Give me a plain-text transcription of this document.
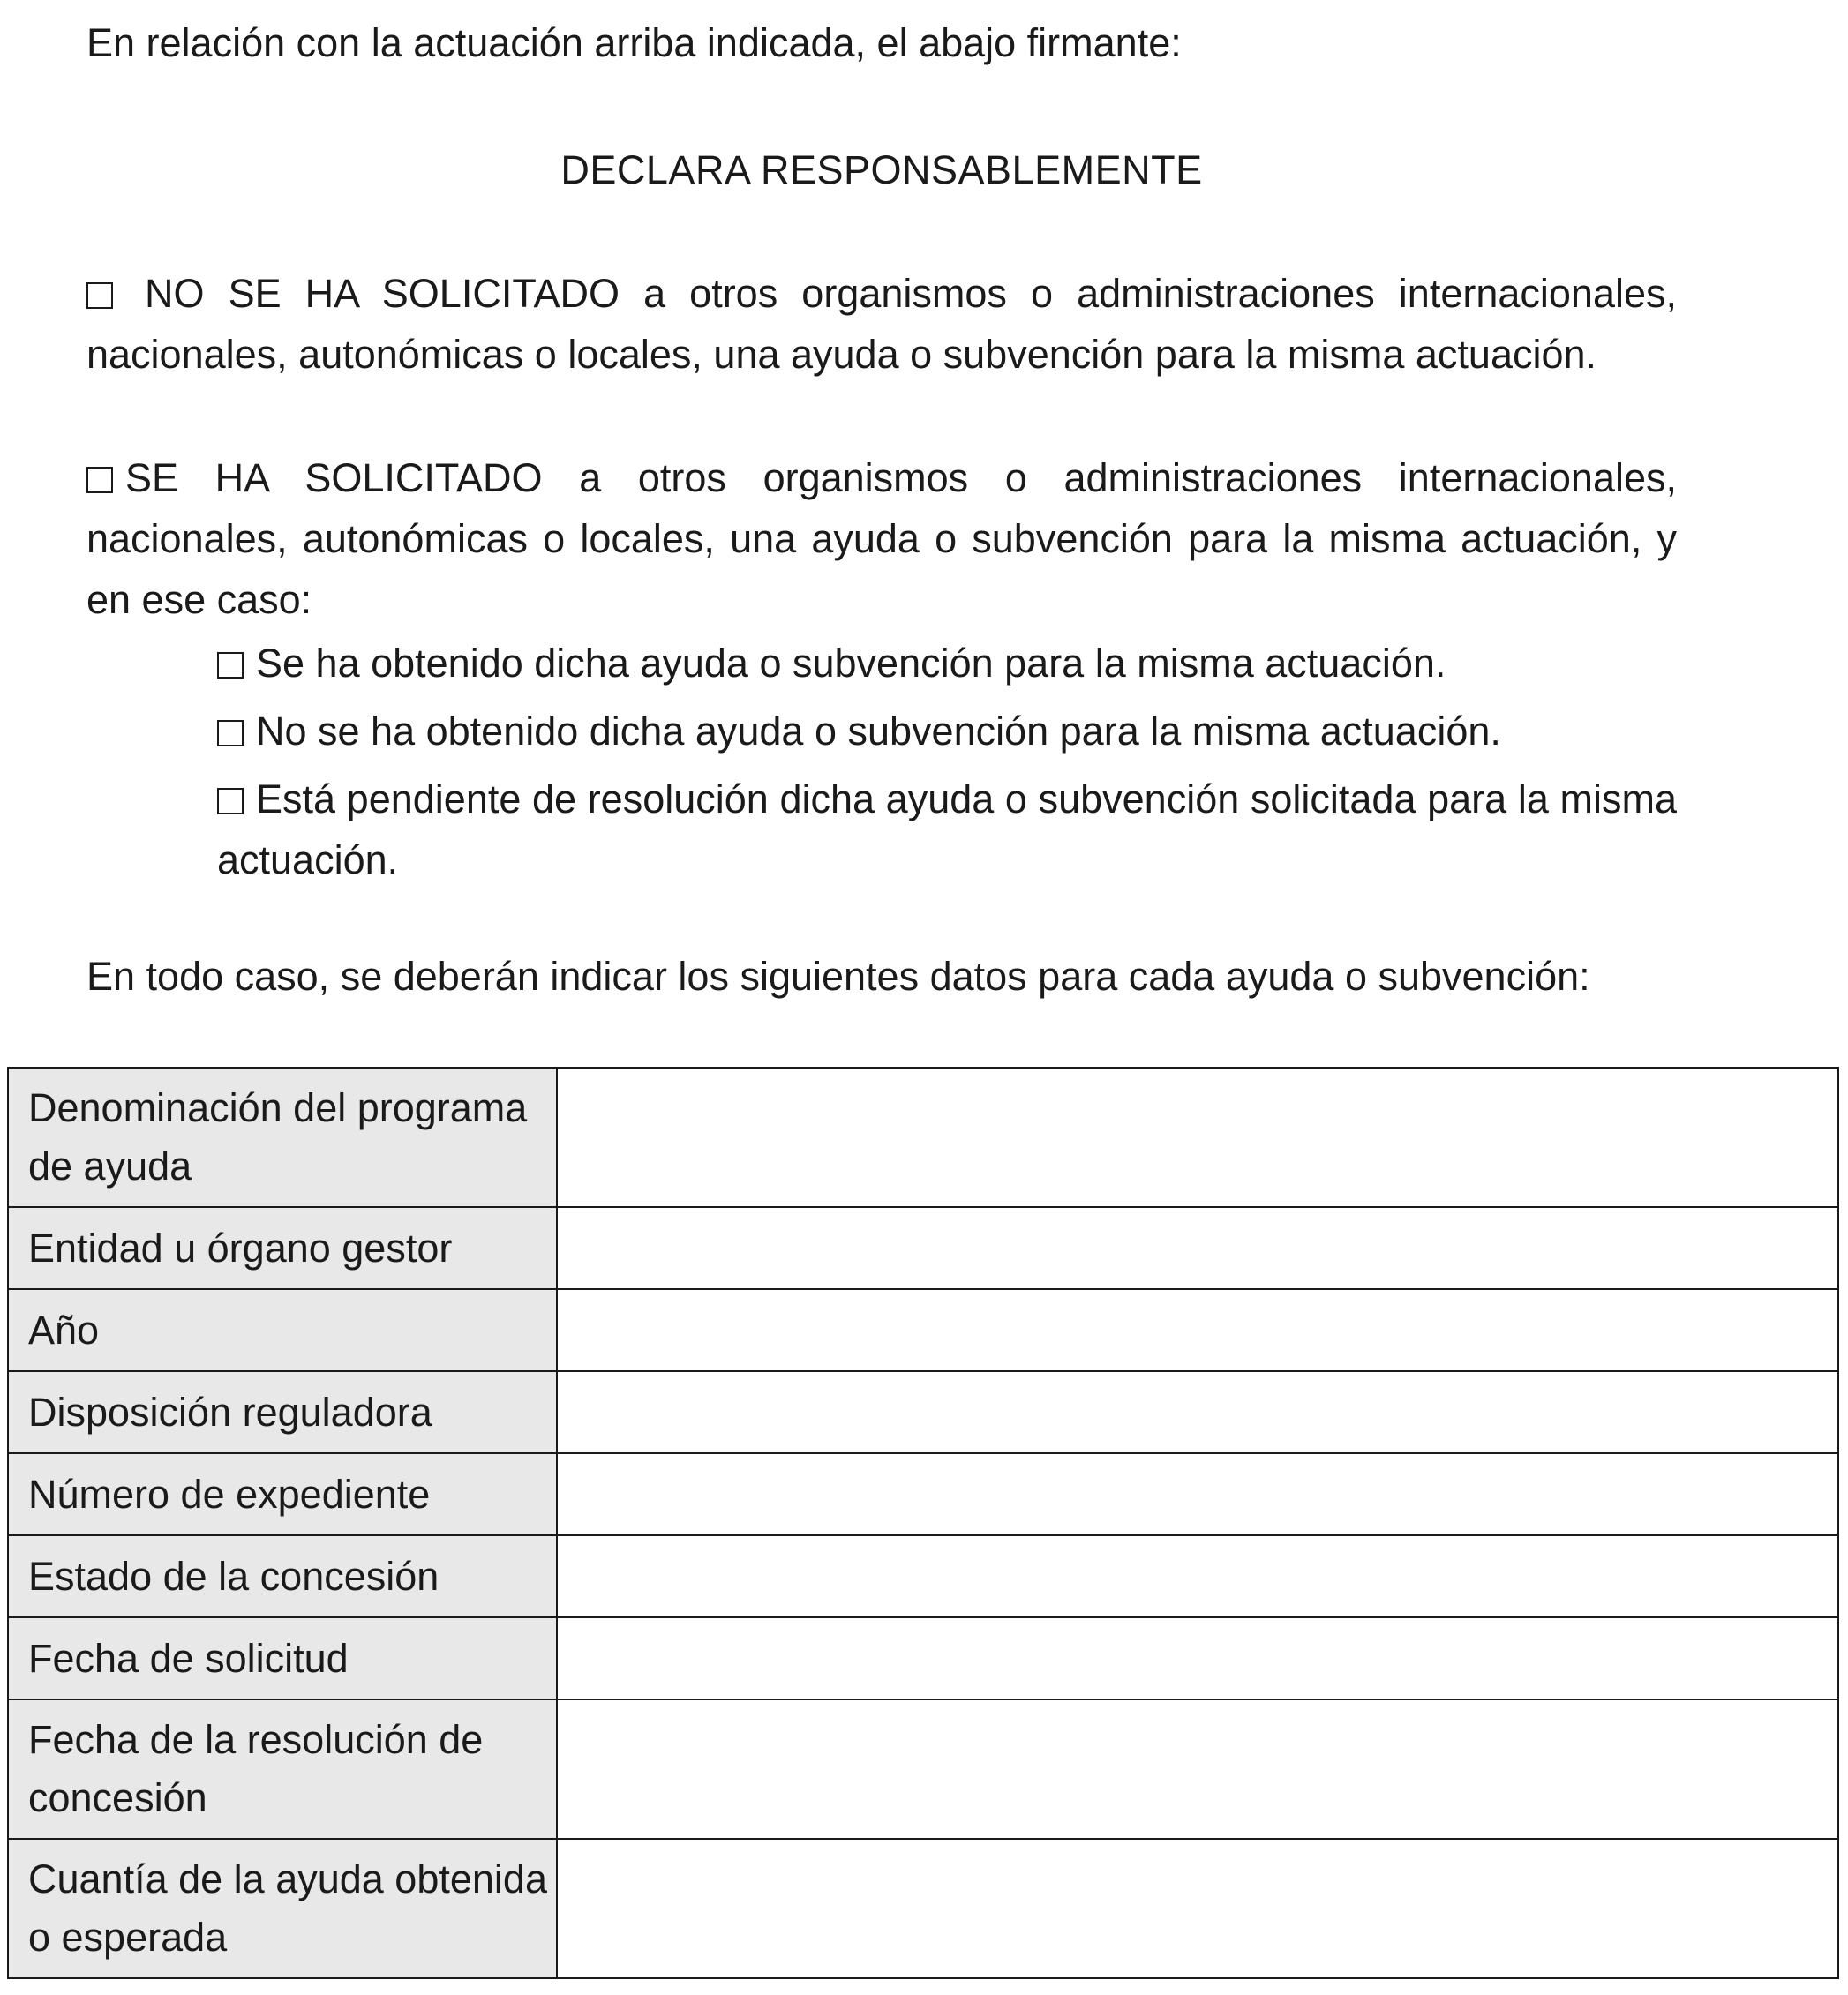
En relación con la actuación arriba indicada, el abajo firmante:
DECLARA RESPONSABLEMENTE
NO SE HA SOLICITADO a otros organismos o administraciones internacionales, nacionales, autonómicas o locales, una ayuda o subvención para la misma actuación.
SE HA SOLICITADO a otros organismos o administraciones internacionales, nacionales, autonómicas o locales, una ayuda o subvención para la misma actuación, y en ese caso:
Se ha obtenido dicha ayuda o subvención para la misma actuación.
No se ha obtenido dicha ayuda o subvención para la misma actuación.
Está pendiente de resolución dicha ayuda o subvención solicitada para la misma actuación.
En todo caso, se deberán indicar los siguientes datos para cada ayuda o subvención:
Denominación del programa de ayuda	
Entidad u órgano gestor	
Año	
Disposición reguladora	
Número de expediente	
Estado de la concesión	
Fecha de solicitud	
Fecha de la resolución de concesión	
Cuantía de la ayuda obtenida o esperada	
